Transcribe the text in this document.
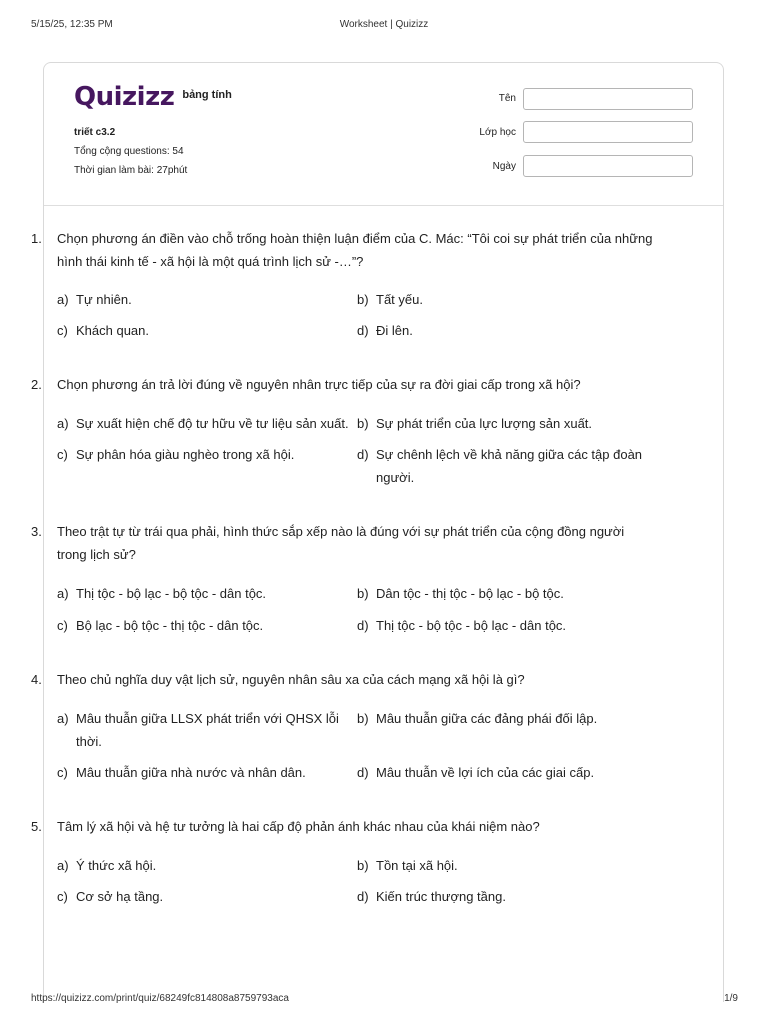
5/15/25, 12:35 PM	Worksheet | Quizizz
Quizizz bảng tính
triết c3.2
Tổng cộng questions: 54
Thời gian làm bài: 27phút
Tên
Lớp học
Ngày
1. Chọn phương án điền vào chỗ trống hoàn thiện luận điểm của C. Mác: “Tôi coi sự phát triển của những hình thái kinh tế - xã hội là một quá trình lịch sử -…”?
a) Tự nhiên.	b) Tất yếu.
c) Khách quan.	d) Đi lên.
2. Chọn phương án trả lời đúng về nguyên nhân trực tiếp của sự ra đời giai cấp trong xã hội?
a) Sự xuất hiện chế độ tư hữu về tư liệu sản xuất. b) Sự phát triển của lực lượng sản xuất.
c) Sự phân hóa giàu nghèo trong xã hội.	d) Sự chênh lệch về khả năng giữa các tập đoàn người.
3. Theo trật tự từ trái qua phải, hình thức sắp xếp nào là đúng với sự phát triển của cộng đồng người trong lịch sử?
a) Thị tộc - bộ lạc - bộ tộc - dân tộc.	b) Dân tộc - thị tộc - bộ lạc - bộ tộc.
c) Bộ lạc - bộ tộc - thị tộc - dân tộc.	d) Thị tộc - bộ tộc - bộ lạc - dân tộc.
4. Theo chủ nghĩa duy vật lịch sử, nguyên nhân sâu xa của cách mạng xã hội là gì?
a) Mâu thuẫn giữa LLSX phát triển với QHSX lỗi thời.
b) Mâu thuẫn giữa các đảng phái đối lập.
c) Mâu thuẫn giữa nhà nước và nhân dân.	d) Mâu thuẫn về lợi ích của các giai cấp.
5. Tâm lý xã hội và hệ tư tưởng là hai cấp độ phản ánh khác nhau của khái niệm nào?
a) Ý thức xã hội.	b) Tồn tại xã hội.
c) Cơ sở hạ tầng.	d) Kiến trúc thượng tầng.
https://quizizz.com/print/quiz/68249fc814808a8759793aca	1/9
